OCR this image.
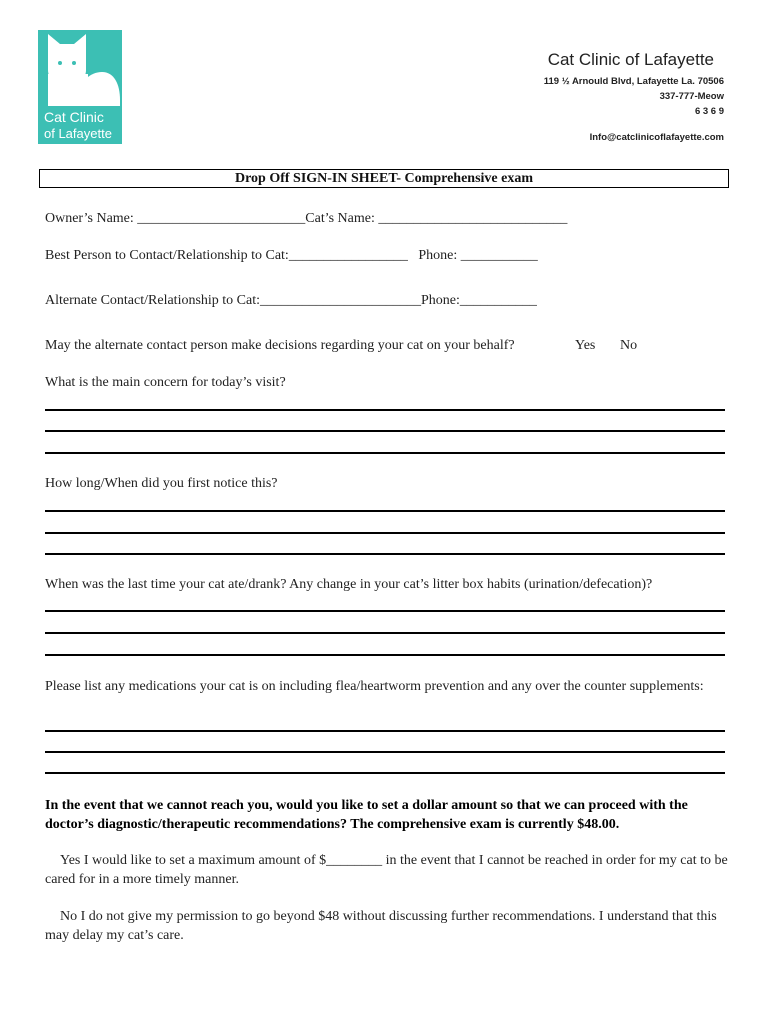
Cat Clinic
of Lafayette
Cat Clinic of Lafayette
119 ½ Arnould Blvd, Lafayette La. 70506
337-777-Meow
6 3 6 9
Info@catclinicoflafayette.com
Drop Off SIGN-IN SHEET- Comprehensive exam
Owner’s Name: ________________________Cat’s Name: ___________________________
Best Person to Contact/Relationship to Cat:_________________   Phone: ___________
Alternate Contact/Relationship to Cat:_______________________Phone:___________
May the alternate contact person make decisions regarding your cat on your behalf?	Yes No
What is the main concern for today’s visit?
How long/When did you first notice this?
When was the last time your cat ate/drank? Any change in your cat’s litter box habits (urination/defecation)?
Please list any medications your cat is on including flea/heartworm prevention and any over the counter supplements:
In the event that we cannot reach you, would you like to set a dollar amount so that we can proceed with the doctor’s diagnostic/therapeutic recommendations? The comprehensive exam is currently $48.00.
Yes I would like to set a maximum amount of $________ in the event that I cannot be reached in order for my cat to be cared for in a more timely manner.
No I do not give my permission to go beyond $48 without discussing further recommendations. I understand that this may delay my cat’s care.
